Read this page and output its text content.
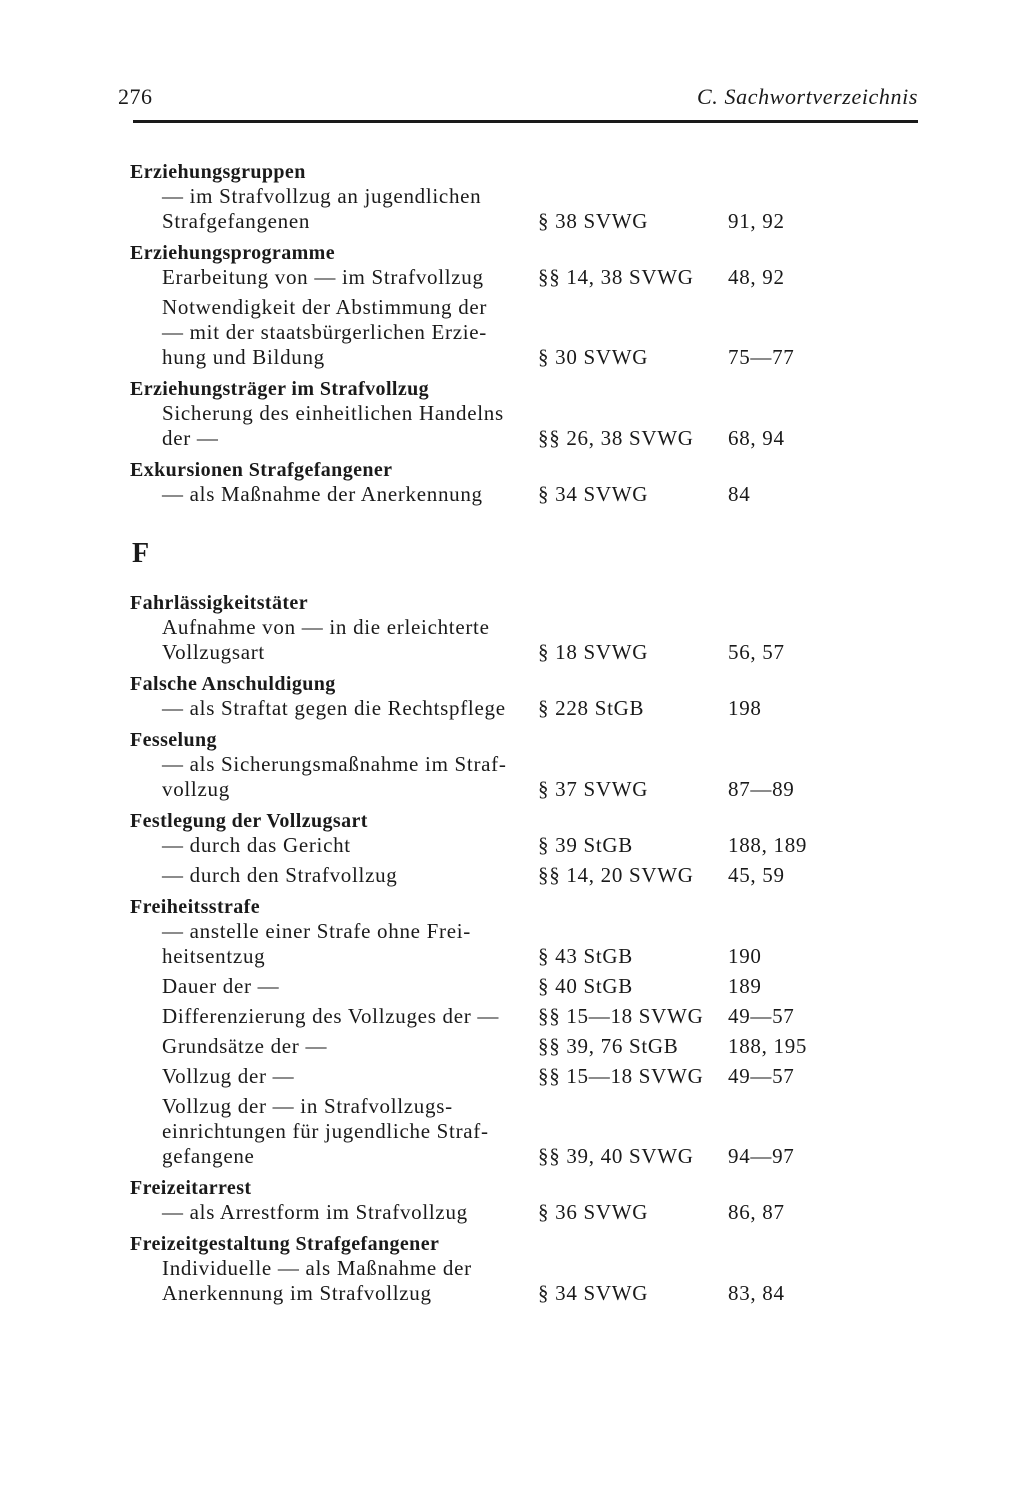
276	C. Sachwortverzeichnis
Erziehungsgruppen
— im Strafvollzug an jugendlichen
Strafgefangenen	§ 38 SVWG	91, 92
Erziehungsprogramme
Erarbeitung von — im Strafvollzug	§§ 14, 38 SVWG	48, 92
Notwendigkeit der Abstimmung der
— mit der staatsbürgerlichen Erzie-
hung und Bildung	§ 30 SVWG	75—77
Erziehungsträger im Strafvollzug
Sicherung des einheitlichen Handelns
der —	§§ 26, 38 SVWG	68, 94
Exkursionen Strafgefangener
— als Maßnahme der Anerkennung	§ 34 SVWG	84
F
Fahrlässigkeitstäter
Aufnahme von — in die erleichterte
Vollzugsart	§ 18 SVWG	56, 57
Falsche Anschuldigung
— als Straftat gegen die Rechtspflege	§ 228 StGB	198
Fesselung
— als Sicherungsmaßnahme im Straf-
vollzug	§ 37 SVWG	87—89
Festlegung der Vollzugsart
— durch das Gericht	§ 39 StGB	188, 189
— durch den Strafvollzug	§§ 14, 20 SVWG	45, 59
Freiheitsstrafe
— anstelle einer Strafe ohne Frei-
heitsentzug	§ 43 StGB	190
Dauer der —	§ 40 StGB	189
Differenzierung des Vollzuges der —	§§ 15—18 SVWG	49—57
Grundsätze der —	§§ 39, 76 StGB	188, 195
Vollzug der —	§§ 15—18 SVWG	49—57
Vollzug der — in Strafvollzugs-
einrichtungen für jugendliche Straf-
gefangene	§§ 39, 40 SVWG	94—97
Freizeitarrest
— als Arrestform im Strafvollzug	§ 36 SVWG	86, 87
Freizeitgestaltung Strafgefangener
Individuelle — als Maßnahme der
Anerkennung im Strafvollzug	§ 34 SVWG	83, 84
